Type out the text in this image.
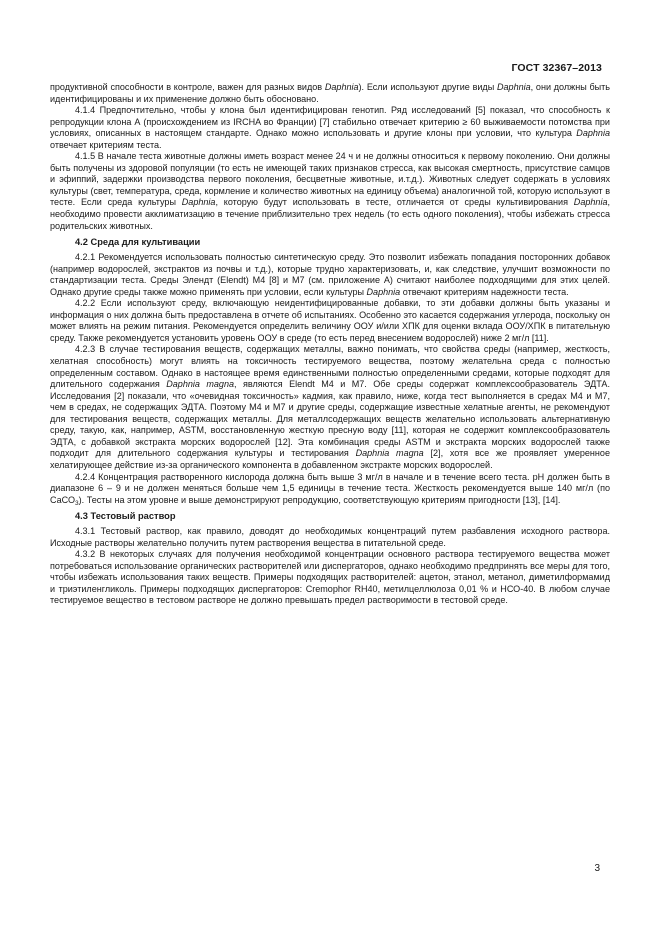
ГОСТ 32367–2013

продуктивной способности в контроле, важен для разных видов Daphnia). Если используют другие виды Daphnia, они должны быть идентифицированы и их применение должно быть обосновано.

4.1.4 Предпочтительно, чтобы у клона был идентифицирован генотип. Ряд исследований [5] показал, что способность к репродукции клона А (происхождением из IRCHA во Франции) [7] стабильно отвечает критерию ≥ 60 выживаемости потомства при условиях, описанных в настоящем стандарте. Однако можно использовать и другие клоны при условии, что культура Daphnia отвечает критериям теста.

4.1.5 В начале теста животные должны иметь возраст менее 24 ч и не должны относиться к первому поколению. Они должны быть получены из здоровой популяции (то есть не имеющей таких признаков стресса, как высокая смертность, присутствие самцов и эфиппий, задержки производства первого поколения, бесцветные животные, и.т.д.). Животных следует содержать в условиях культуры (свет, температура, среда, кормление и количество животных на единицу объема) аналогичной той, которую используют в тесте. Если среда культуры Daphnia, которую будут использовать в тесте, отличается от среды культивирования Daphnia, необходимо провести акклиматизацию в течение приблизительно трех недель (то есть одного поколения), чтобы избежать стресса родительских животных.

4.2 Среда для культивации

4.2.1 Рекомендуется использовать полностью синтетическую среду. Это позволит избежать попадания посторонних добавок (например водорослей, экстрактов из почвы и т.д.), которые трудно характеризовать, и, как следствие, улучшит возможности по стандартизации теста. Среды Элендт (Elendt) М4 [8] и М7 (см. приложение А) считают наиболее подходящими для этих целей. Однако другие среды также можно применять при условии, если культуры Daphnia отвечают критериям надежности теста.

4.2.2 Если используют среду, включающую неидентифицированные добавки, то эти добавки должны быть указаны и информация о них должна быть предоставлена в отчете об испытаниях. Особенно это касается содержания углерода, поскольку он может влиять на режим питания. Рекомендуется определить величину ООУ и/или ХПК для оценки вклада ООУ/ХПК в питательную среду. Также рекомендуется установить уровень ООУ в среде (то есть перед внесением водорослей) ниже 2 мг/л [11].

4.2.3 В случае тестирования веществ, содержащих металлы, важно понимать, что свойства среды (например, жесткость, хелатная способность) могут влиять на токсичность тестируемого вещества, поэтому желательна среда с полностью определенным составом. Однако в настоящее время единственными полностью определенными средами, которые подходят для длительного содержания Daphnia magna, являются Elendt M4 и M7. Обе среды содержат комплексообразователь ЭДТА. Исследования [2] показали, что «очевидная токсичность» кадмия, как правило, ниже, когда тест выполняется в средах М4 и М7, чем в средах, не содержащих ЭДТА. Поэтому М4 и М7 и другие среды, содержащие известные хелатные агенты, не рекомендуют для тестирования веществ, содержащих металлы. Для металлсодержащих веществ желательно использовать альтернативную среду, такую, как, например, ASTM, восстановленную жесткую пресную воду [11], которая не содержит комплексообразователь ЭДТА, с добавкой экстракта морских водорослей [12]. Эта комбинация среды ASTM и экстракта морских водорослей также подходит для длительного содержания культуры и тестирования Daphnia magna [2], хотя все же проявляет умеренное хелатирующее действие из-за органического компонента в добавленном экстракте морских водорослей.

4.2.4 Концентрация растворенного кислорода должна быть выше 3 мг/л в начале и в течение всего теста. рН должен быть в диапазоне 6 – 9 и не должен меняться больше чем 1,5 единицы в течение теста. Жесткость рекомендуется выше 140 мг/л (по СаСО$_3$). Тесты на этом уровне и выше демонстрируют репродукцию, соответствующую критериям пригодности [13], [14].

4.3 Тестовый раствор

4.3.1 Тестовый раствор, как правило, доводят до необходимых концентраций путем разбавления исходного раствора. Исходные растворы желательно получить путем растворения вещества в питательной среде.

4.3.2 В некоторых случаях для получения необходимой концентрации основного раствора тестируемого вещества может потребоваться использование органических растворителей или диспергаторов, однако необходимо предпринять все меры для того, чтобы избежать использования таких веществ. Примеры подходящих растворителей: ацетон, этанол, метанол, диметилформамид и триэтиленгликоль. Примеры подходящих диспергаторов: Cremophor RH40, метилцеллюлоза 0,01 % и НСО-40. В любом случае тестируемое вещество в тестовом растворе не должно превышать предел растворимости в тестовой среде.

3
